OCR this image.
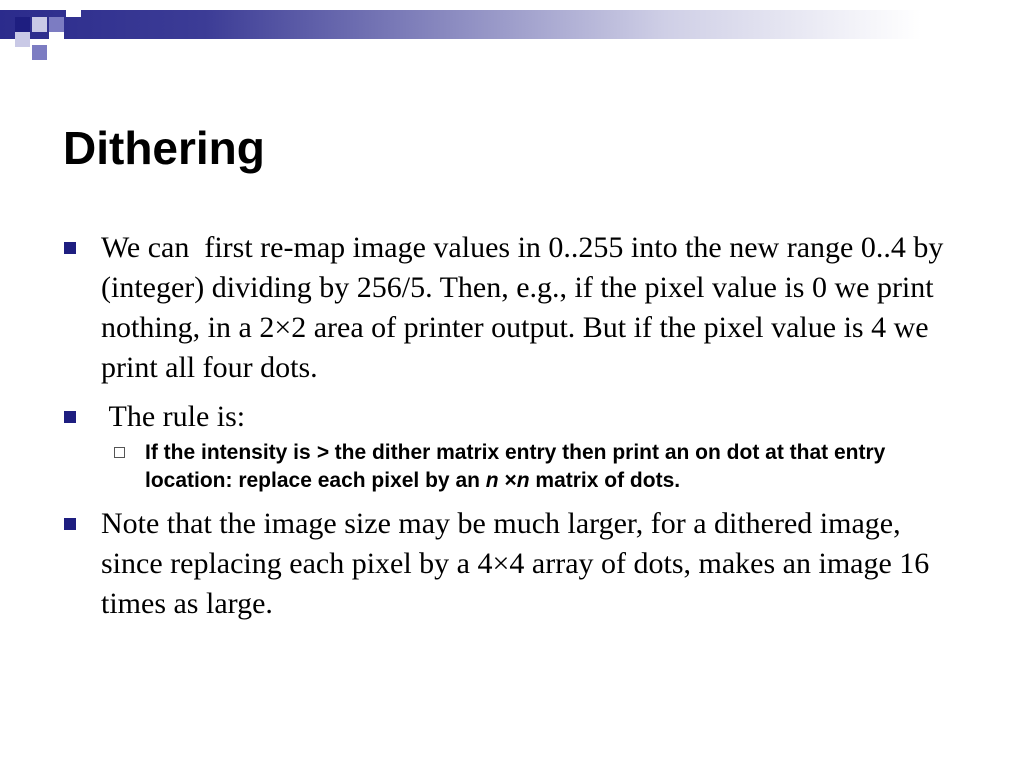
Dithering
We can  first re-map image values in 0..255 into the new range 0..4 by (integer) dividing by 256/5. Then, e.g., if the pixel value is 0 we print nothing, in a 2×2 area of printer output. But if the pixel value is 4 we print all four dots.
The rule is:
If the intensity is > the dither matrix entry then print an on dot at that entry location: replace each pixel by an n ×n matrix of dots.
Note that the image size may be much larger, for a dithered image, since replacing each pixel by a 4×4 array of dots, makes an image 16 times as large.
